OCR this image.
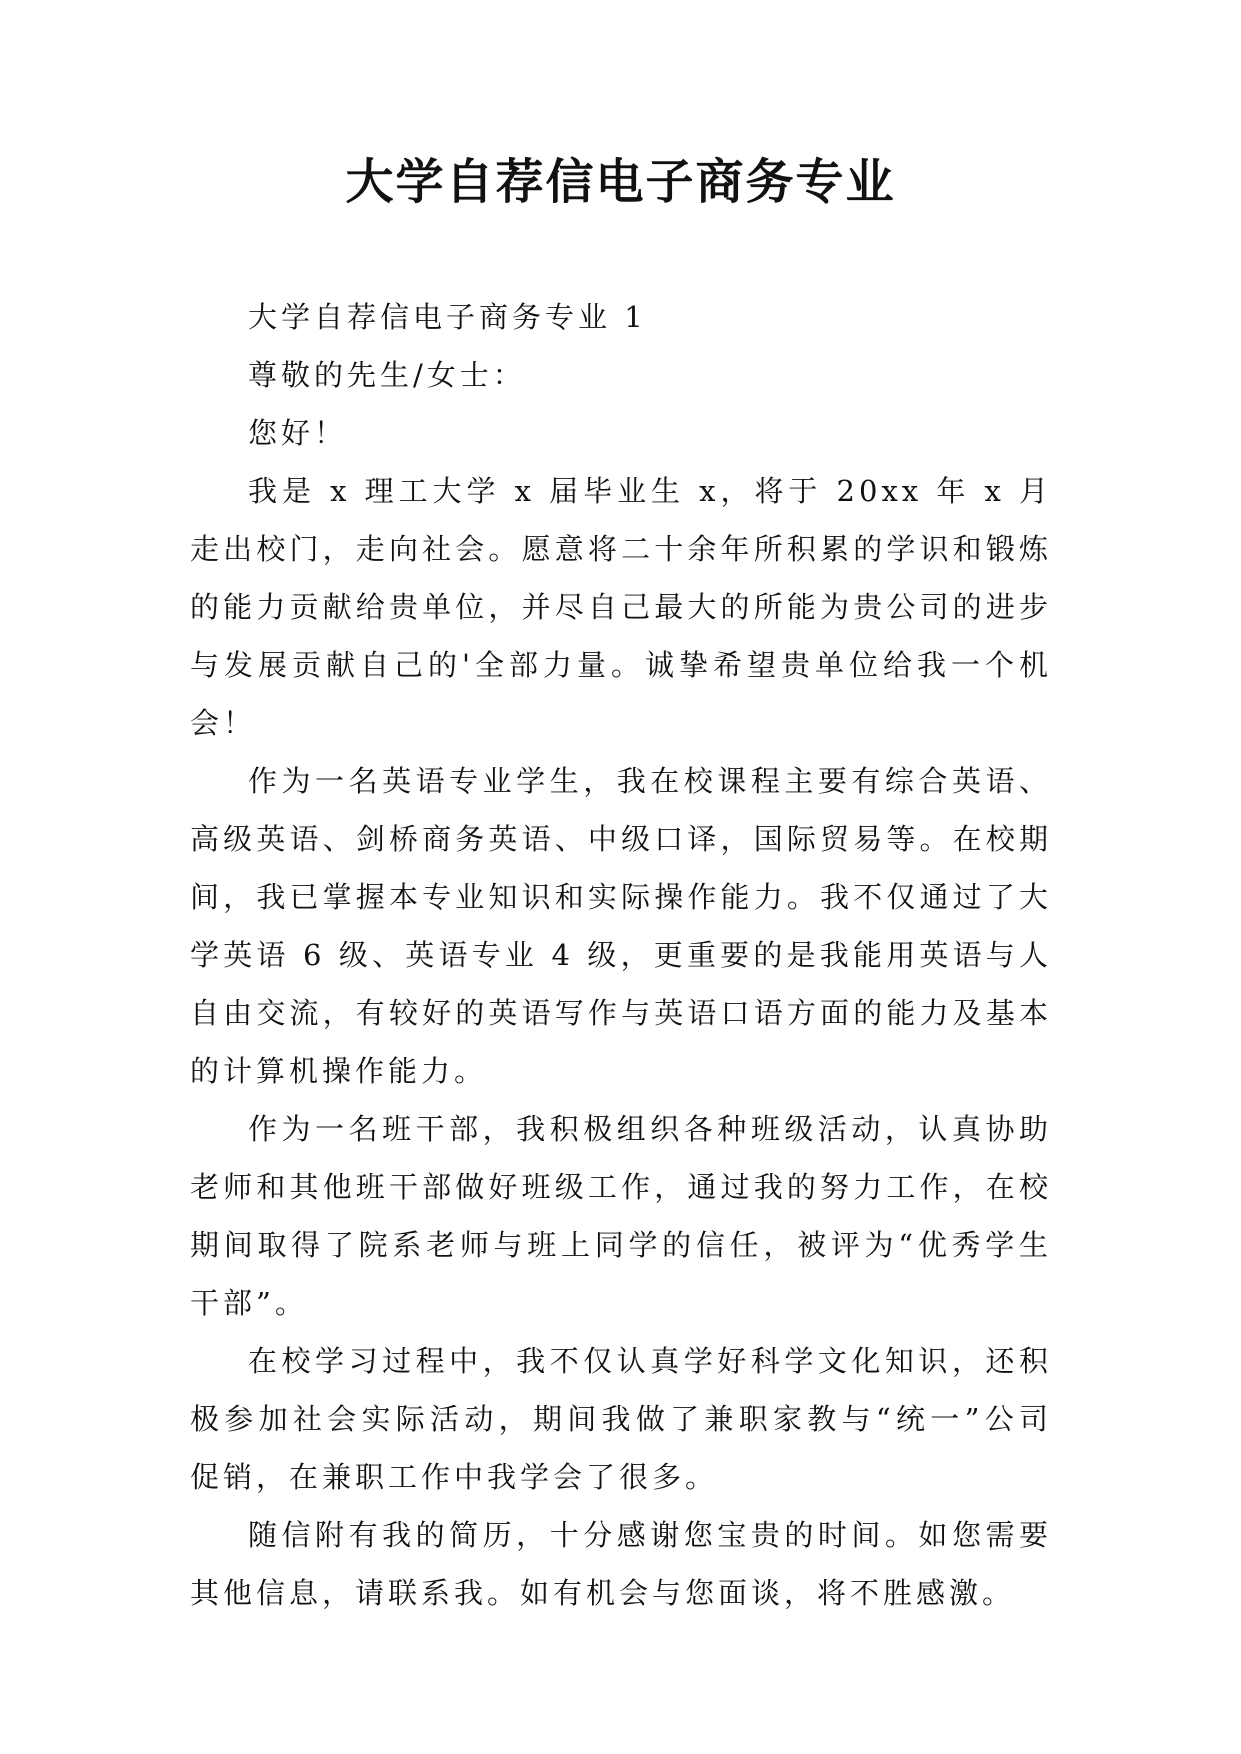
大学自荐信电子商务专业

大学自荐信电子商务专业 1

尊敬的先生/女士：

您好！

我是 x 理工大学 x 届毕业生 x，将于 20xx 年 x 月走出校门，走向社会。愿意将二十余年所积累的学识和锻炼的能力贡献给贵单位，并尽自己最大的所能为贵公司的进步与发展贡献自己的'全部力量。诚挚希望贵单位给我一个机会！

作为一名英语专业学生，我在校课程主要有综合英语、高级英语、剑桥商务英语、中级口译，国际贸易等。在校期间，我已掌握本专业知识和实际操作能力。我不仅通过了大学英语 6 级、英语专业 4 级，更重要的是我能用英语与人自由交流，有较好的英语写作与英语口语方面的能力及基本的计算机操作能力。

作为一名班干部，我积极组织各种班级活动，认真协助老师和其他班干部做好班级工作，通过我的努力工作，在校期间取得了院系老师与班上同学的信任，被评为“优秀学生干部”。

在校学习过程中，我不仅认真学好科学文化知识，还积极参加社会实际活动，期间我做了兼职家教与“统一”公司促销，在兼职工作中我学会了很多。

随信附有我的简历，十分感谢您宝贵的时间。如您需要其他信息，请联系我。如有机会与您面谈，将不胜感激。
